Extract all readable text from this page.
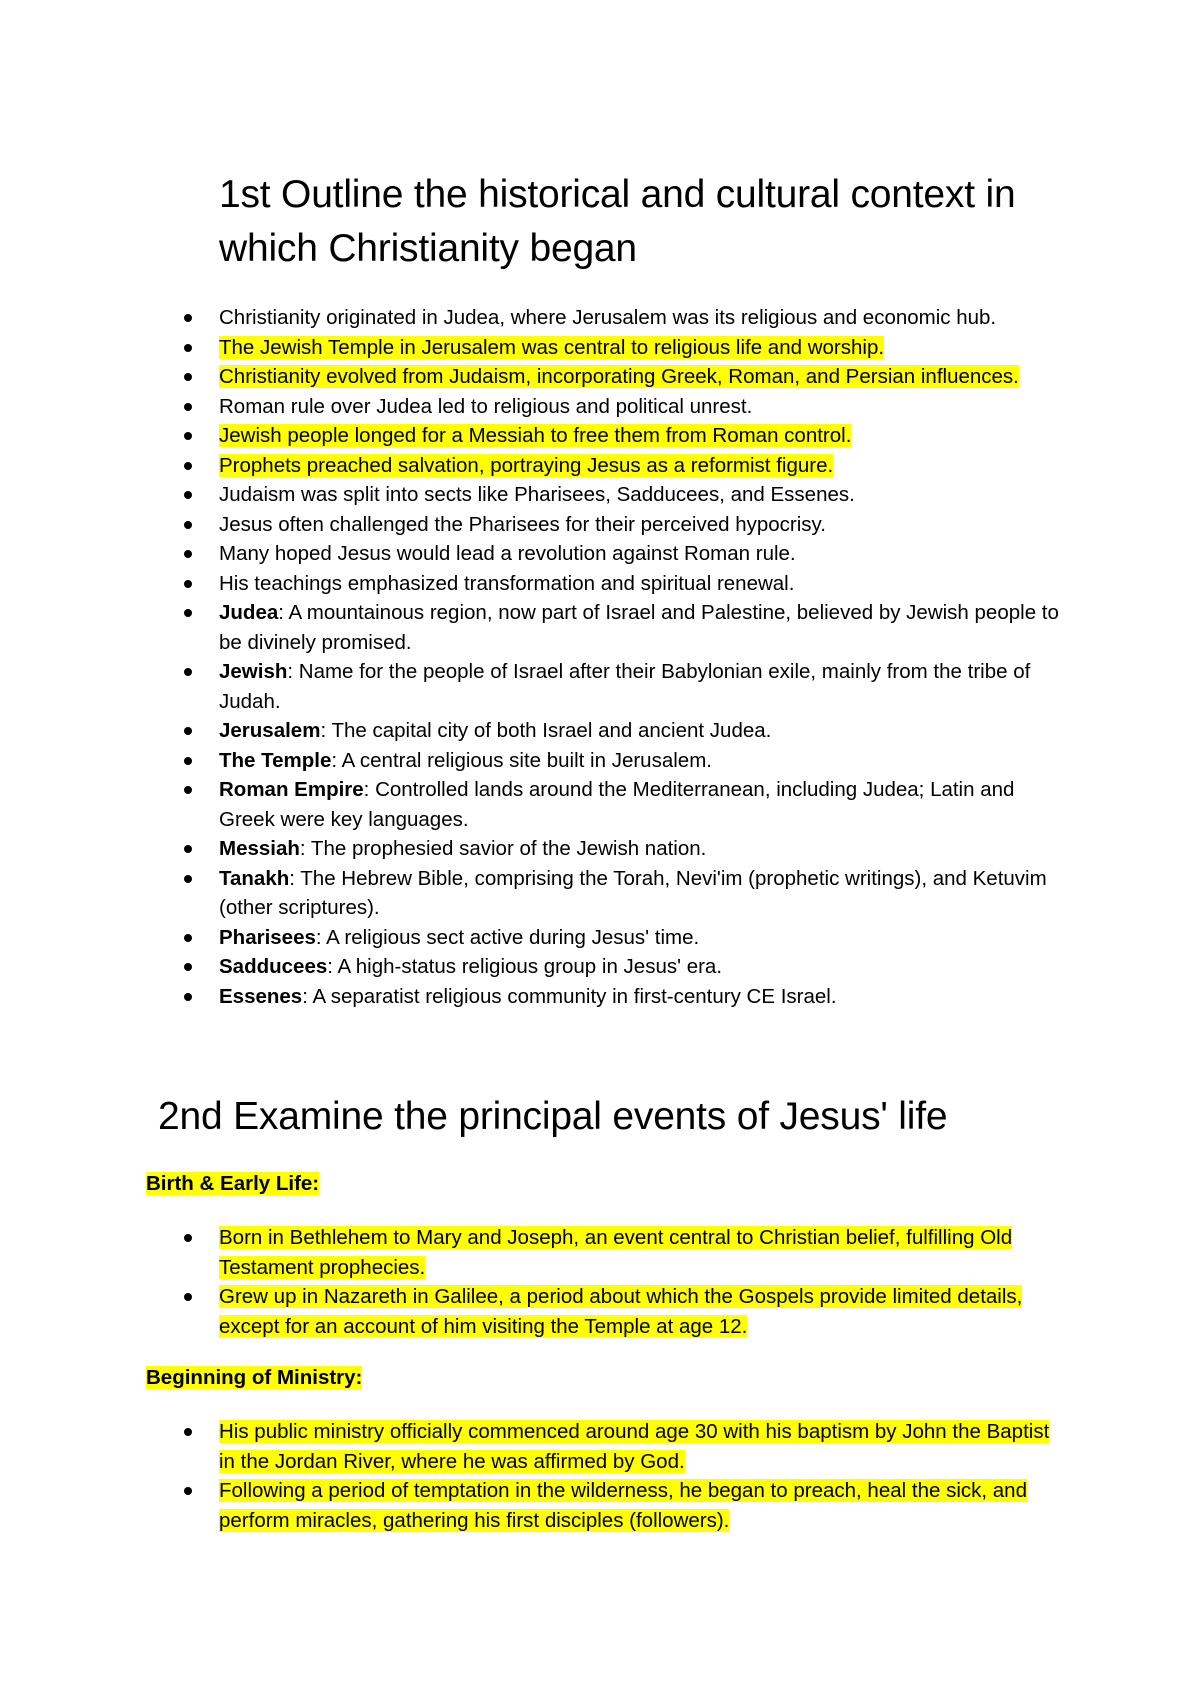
1st Outline the historical and cultural context in which Christianity began
Christianity originated in Judea, where Jerusalem was its religious and economic hub.
The Jewish Temple in Jerusalem was central to religious life and worship.
Christianity evolved from Judaism, incorporating Greek, Roman, and Persian influences.
Roman rule over Judea led to religious and political unrest.
Jewish people longed for a Messiah to free them from Roman control.
Prophets preached salvation, portraying Jesus as a reformist figure.
Judaism was split into sects like Pharisees, Sadducees, and Essenes.
Jesus often challenged the Pharisees for their perceived hypocrisy.
Many hoped Jesus would lead a revolution against Roman rule.
His teachings emphasized transformation and spiritual renewal.
Judea: A mountainous region, now part of Israel and Palestine, believed by Jewish people to be divinely promised.
Jewish: Name for the people of Israel after their Babylonian exile, mainly from the tribe of Judah.
Jerusalem: The capital city of both Israel and ancient Judea.
The Temple: A central religious site built in Jerusalem.
Roman Empire: Controlled lands around the Mediterranean, including Judea; Latin and Greek were key languages.
Messiah: The prophesied savior of the Jewish nation.
Tanakh: The Hebrew Bible, comprising the Torah, Nevi'im (prophetic writings), and Ketuvim (other scriptures).
Pharisees: A religious sect active during Jesus' time.
Sadducees: A high-status religious group in Jesus' era.
Essenes: A separatist religious community in first-century CE Israel.
2nd Examine the principal events of Jesus' life

Birth & Early Life:

Born in Bethlehem to Mary and Joseph, an event central to Christian belief, fulfilling Old Testament prophecies.
Grew up in Nazareth in Galilee, a period about which the Gospels provide limited details, except for an account of him visiting the Temple at age 12.

Beginning of Ministry:

His public ministry officially commenced around age 30 with his baptism by John the Baptist in the Jordan River, where he was affirmed by God.
Following a period of temptation in the wilderness, he began to preach, heal the sick, and perform miracles, gathering his first disciples (followers).
